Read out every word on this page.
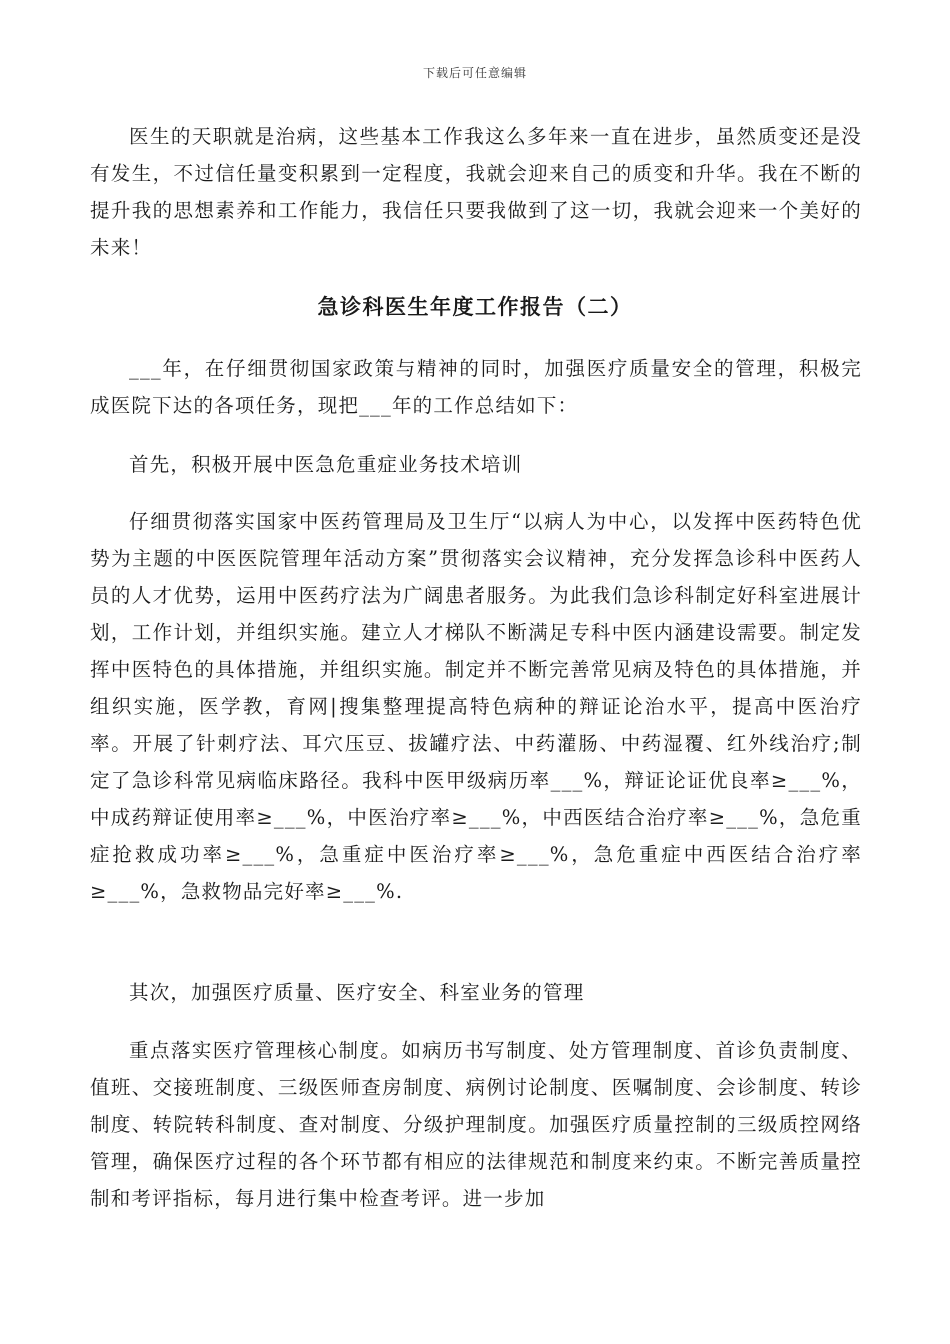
下载后可任意编辑

医生的天职就是治病，这些基本工作我这么多年来一直在进步，虽然质变还是没有发生，不过信任量变积累到一定程度，我就会迎来自己的质变和升华。我在不断的提升我的思想素养和工作能力，我信任只要我做到了这一切，我就会迎来一个美好的未来！

急诊科医生年度工作报告（二）

___年，在仔细贯彻国家政策与精神的同时，加强医疗质量安全的管理，积极完成医院下达的各项任务，现把___年的工作总结如下：

首先，积极开展中医急危重症业务技术培训

仔细贯彻落实国家中医药管理局及卫生厅“以病人为中心，以发挥中医药特色优势为主题的中医医院管理年活动方案”贯彻落实会议精神，充分发挥急诊科中医药人员的人才优势，运用中医药疗法为广阔患者服务。为此我们急诊科制定好科室进展计划，工作计划，并组织实施。建立人才梯队不断满足专科中医内涵建设需要。制定发挥中医特色的具体措施，并组织实施。制定并不断完善常见病及特色的具体措施，并组织实施，医学教，育网|搜集整理提高特色病种的辩证论治水平，提高中医治疗率。开展了针刺疗法、耳穴压豆、拔罐疗法、中药灌肠、中药湿覆、红外线治疗;制定了急诊科常见病临床路径。我科中医甲级病历率___%，辩证论证优良率≥___%，中成药辩证使用率≥___%，中医治疗率≥___%，中西医结合治疗率≥___%，急危重症抢救成功率≥___%，急重症中医治疗率≥___%，急危重症中西医结合治疗率≥___%，急救物品完好率≥___%.

其次，加强医疗质量、医疗安全、科室业务的管理

重点落实医疗管理核心制度。如病历书写制度、处方管理制度、首诊负责制度、值班、交接班制度、三级医师查房制度、病例讨论制度、医嘱制度、会诊制度、转诊制度、转院转科制度、查对制度、分级护理制度。加强医疗质量控制的三级质控网络管理，确保医疗过程的各个环节都有相应的法律规范和制度来约束。不断完善质量控制和考评指标，每月进行集中检查考评。进一步加
